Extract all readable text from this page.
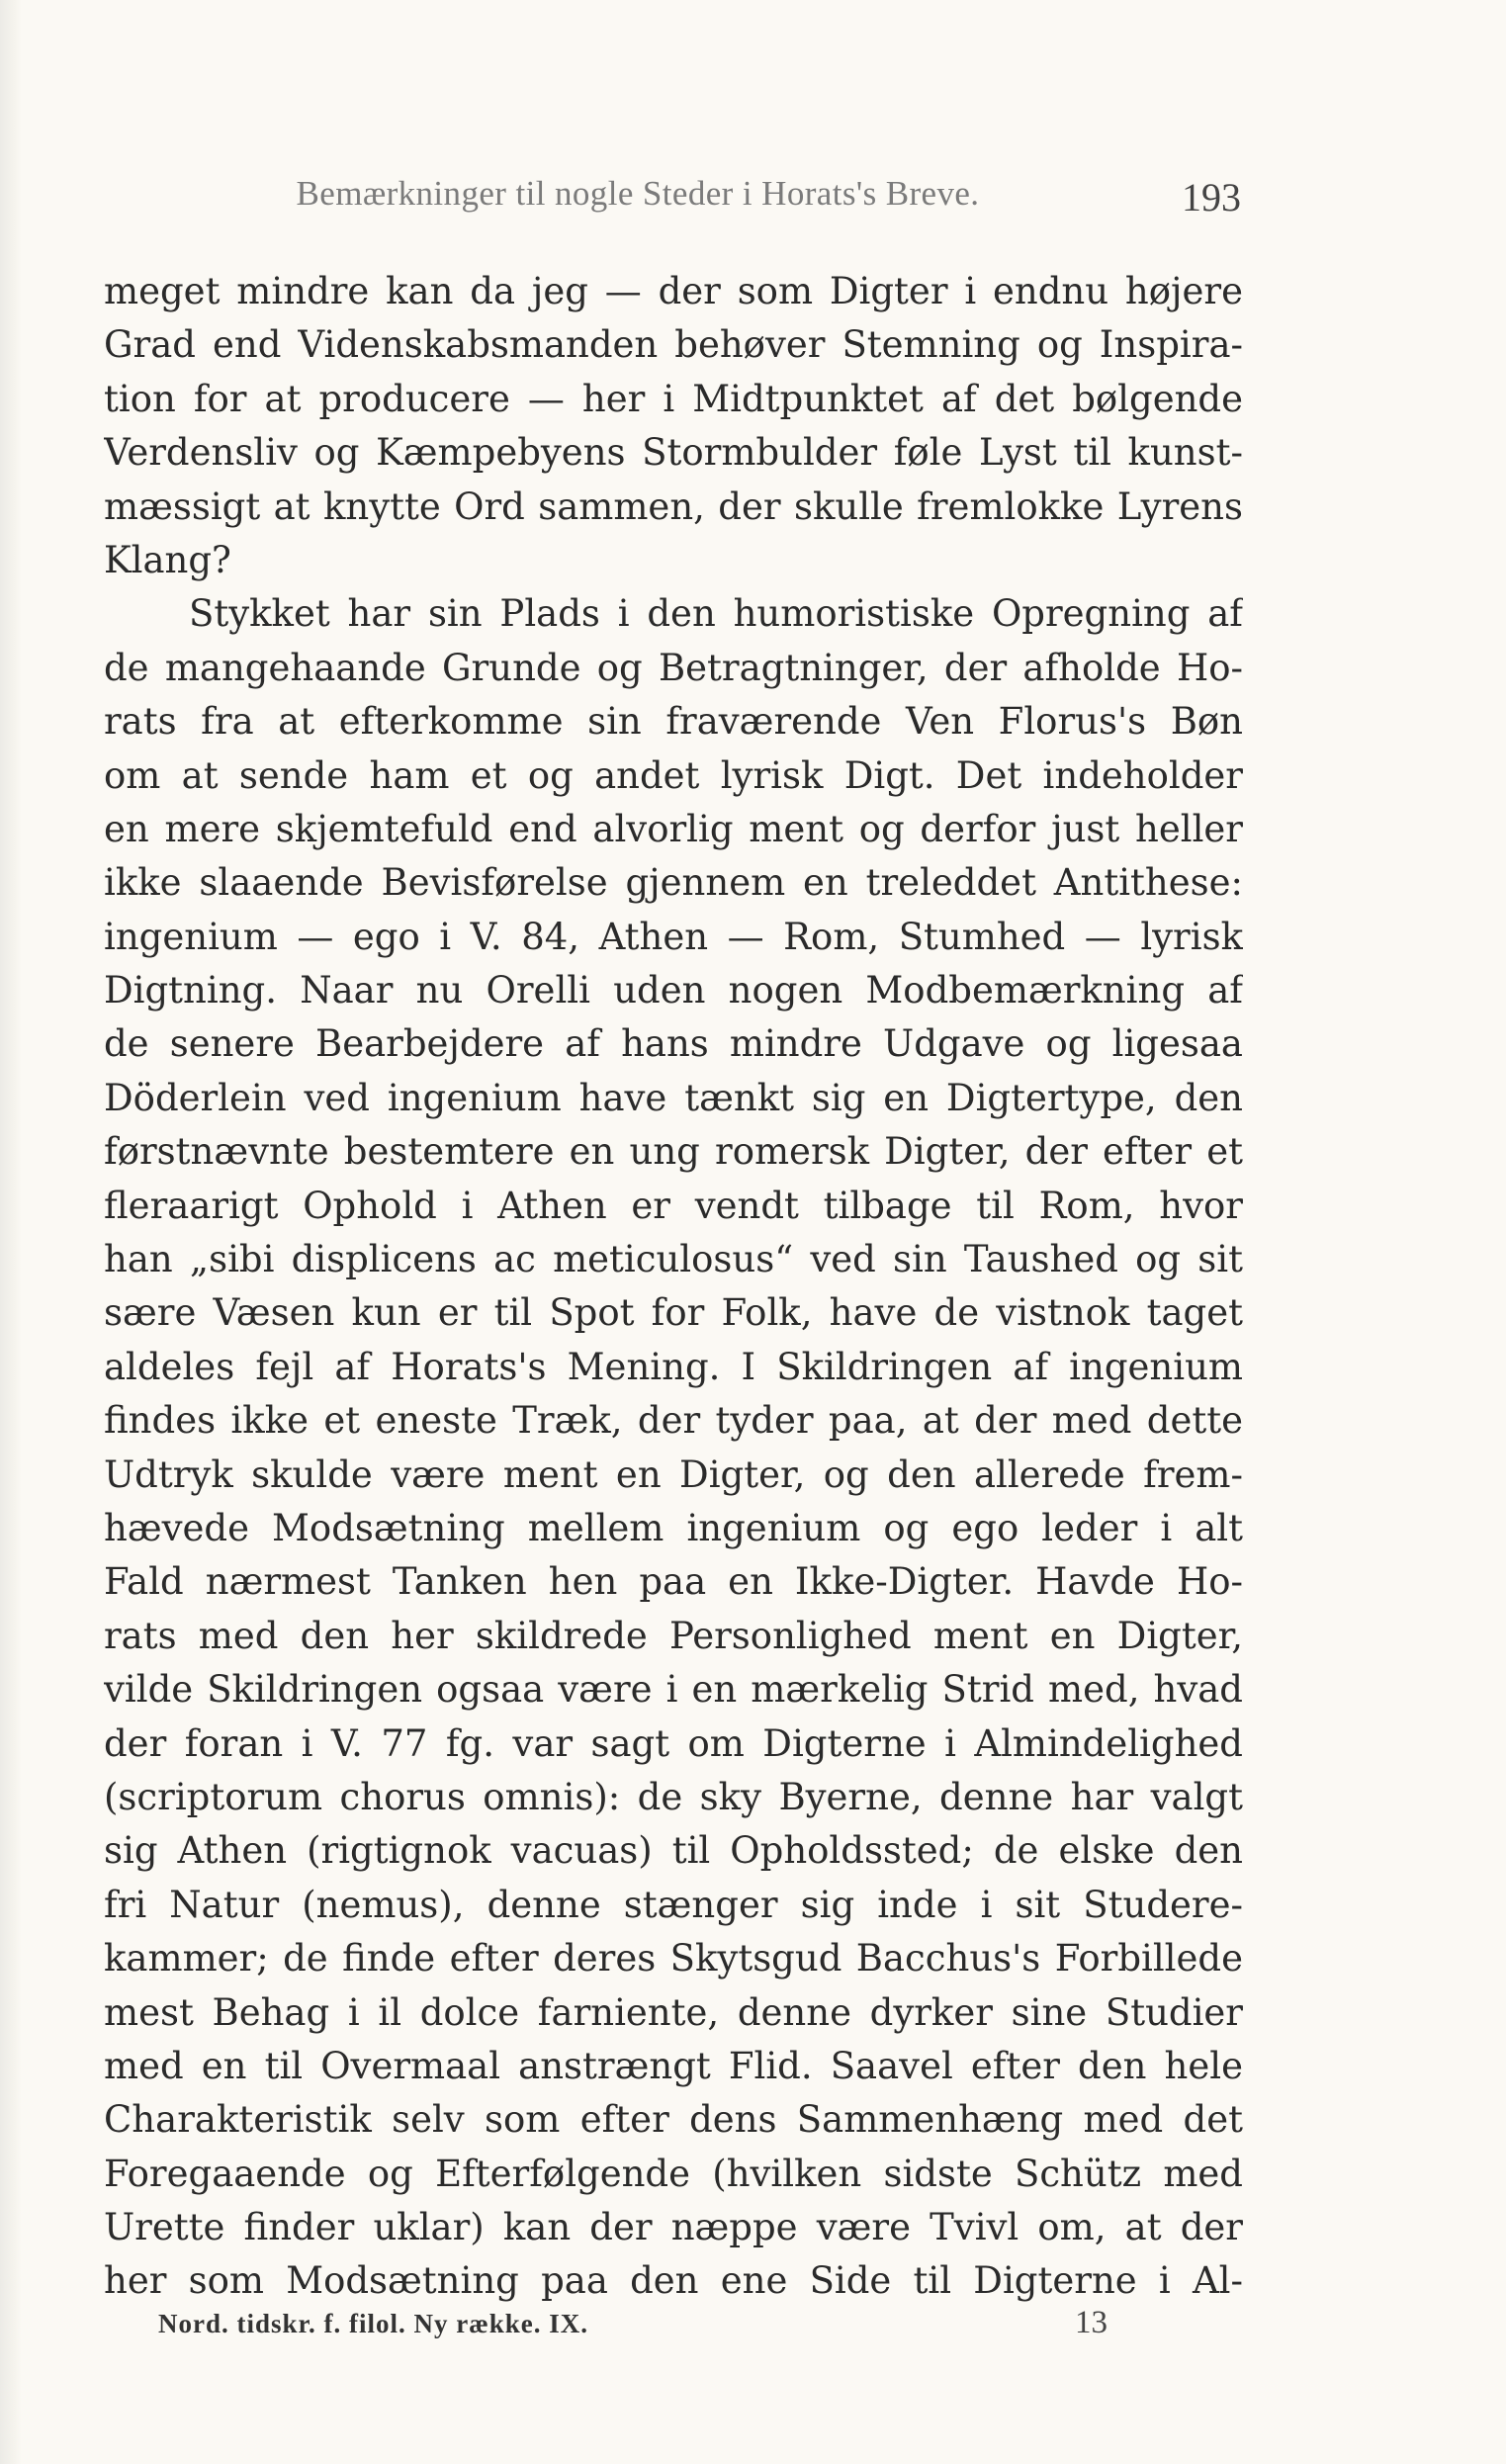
Bemærkninger til nogle Steder i Horats's Breve.	193
meget mindre kan da jeg — der som Digter i endnu højere
Grad end Videnskabsmanden behøver Stemning og Inspira-
tion for at producere — her i Midtpunktet af det bølgende
Verdensliv og Kæmpebyens Stormbulder føle Lyst til kunst-
mæssigt at knytte Ord sammen, der skulle fremlokke Lyrens
Klang?
Stykket har sin Plads i den humoristiske Opregning af
de mangehaande Grunde og Betragtninger, der afholde Ho-
rats fra at efterkomme sin fraværende Ven Florus's Bøn
om at sende ham et og andet lyrisk Digt. Det indeholder
en mere skjemtefuld end alvorlig ment og derfor just heller
ikke slaaende Bevisførelse gjennem en treleddet Antithese:
ingenium — ego i V. 84, Athen — Rom, Stumhed — lyrisk
Digtning. Naar nu Orelli uden nogen Modbemærkning af
de senere Bearbejdere af hans mindre Udgave og ligesaa
Döderlein ved ingenium have tænkt sig en Digtertype, den
førstnævnte bestemtere en ung romersk Digter, der efter et
fleraarigt Ophold i Athen er vendt tilbage til Rom, hvor
han „sibi displicens ac meticulosus“ ved sin Taushed og sit
sære Væsen kun er til Spot for Folk, have de vistnok taget
aldeles fejl af Horats's Mening. I Skildringen af ingenium
findes ikke et eneste Træk, der tyder paa, at der med dette
Udtryk skulde være ment en Digter, og den allerede frem-
hævede Modsætning mellem ingenium og ego leder i alt
Fald nærmest Tanken hen paa en Ikke-Digter. Havde Ho-
rats med den her skildrede Personlighed ment en Digter,
vilde Skildringen ogsaa være i en mærkelig Strid med, hvad
der foran i V. 77 fg. var sagt om Digterne i Almindelighed
(scriptorum chorus omnis): de sky Byerne, denne har valgt
sig Athen (rigtignok vacuas) til Opholdssted; de elske den
fri Natur (nemus), denne stænger sig inde i sit Studere-
kammer; de finde efter deres Skytsgud Bacchus's Forbillede
mest Behag i il dolce farniente, denne dyrker sine Studier
med en til Overmaal anstrængt Flid. Saavel efter den hele
Charakteristik selv som efter dens Sammenhæng med det
Foregaaende og Efterfølgende (hvilken sidste Schütz med
Urette finder uklar) kan der næppe være Tvivl om, at der
her som Modsætning paa den ene Side til Digterne i Al-
Nord. tidskr. f. filol. Ny række. IX.	13
